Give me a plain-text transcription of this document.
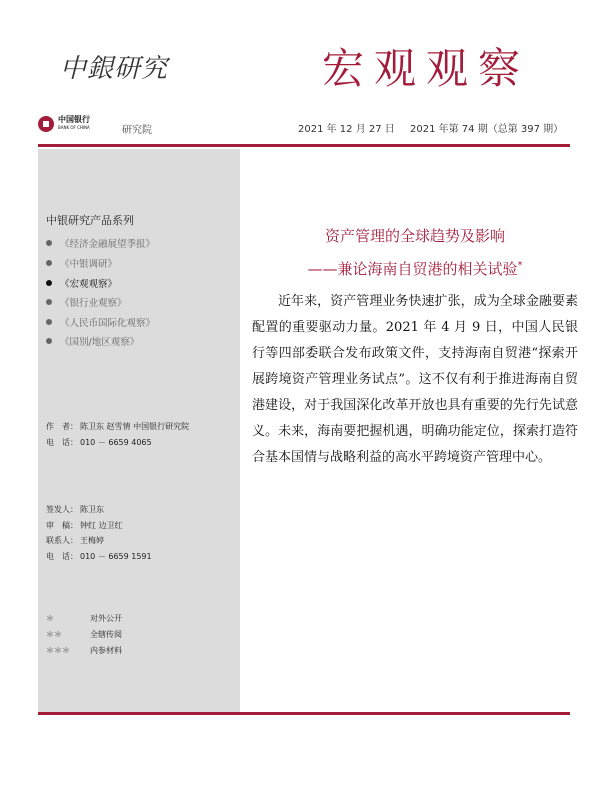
中銀研究	宏观观察
中国银行
BANK OF CHINA	研究院	2021 年 12 月 27 日 2021 年第 74 期（总第 397 期）
中银研究产品系列
《经济金融展望季报》
《中银调研》
《宏观观察》
《银行业观察》
《人民币国际化观察》
《国别/地区观察》
作　者： 陈卫东 赵雪情 中国银行研究院
电　话： 010 － 6659 4065
签发人： 陈卫东
审　稿： 钟红 边卫红
联系人： 王梅婷
电　话： 010 － 6659 1591
＊	对外公开
＊＊	全辖传阅
＊＊＊	内参材料
资产管理的全球趋势及影响
——兼论海南自贸港的相关试验*
近年来，资产管理业务快速扩张，成为全球金融要素配置的重要驱动力量。2021 年 4 月 9 日，中国人民银行等四部委联合发布政策文件，支持海南自贸港“探索开展跨境资产管理业务试点”。这不仅有利于推进海南自贸港建设，对于我国深化改革开放也具有重要的先行先试意义。未来，海南要把握机遇，明确功能定位，探索打造符合基本国情与战略利益的高水平跨境资产管理中心。
